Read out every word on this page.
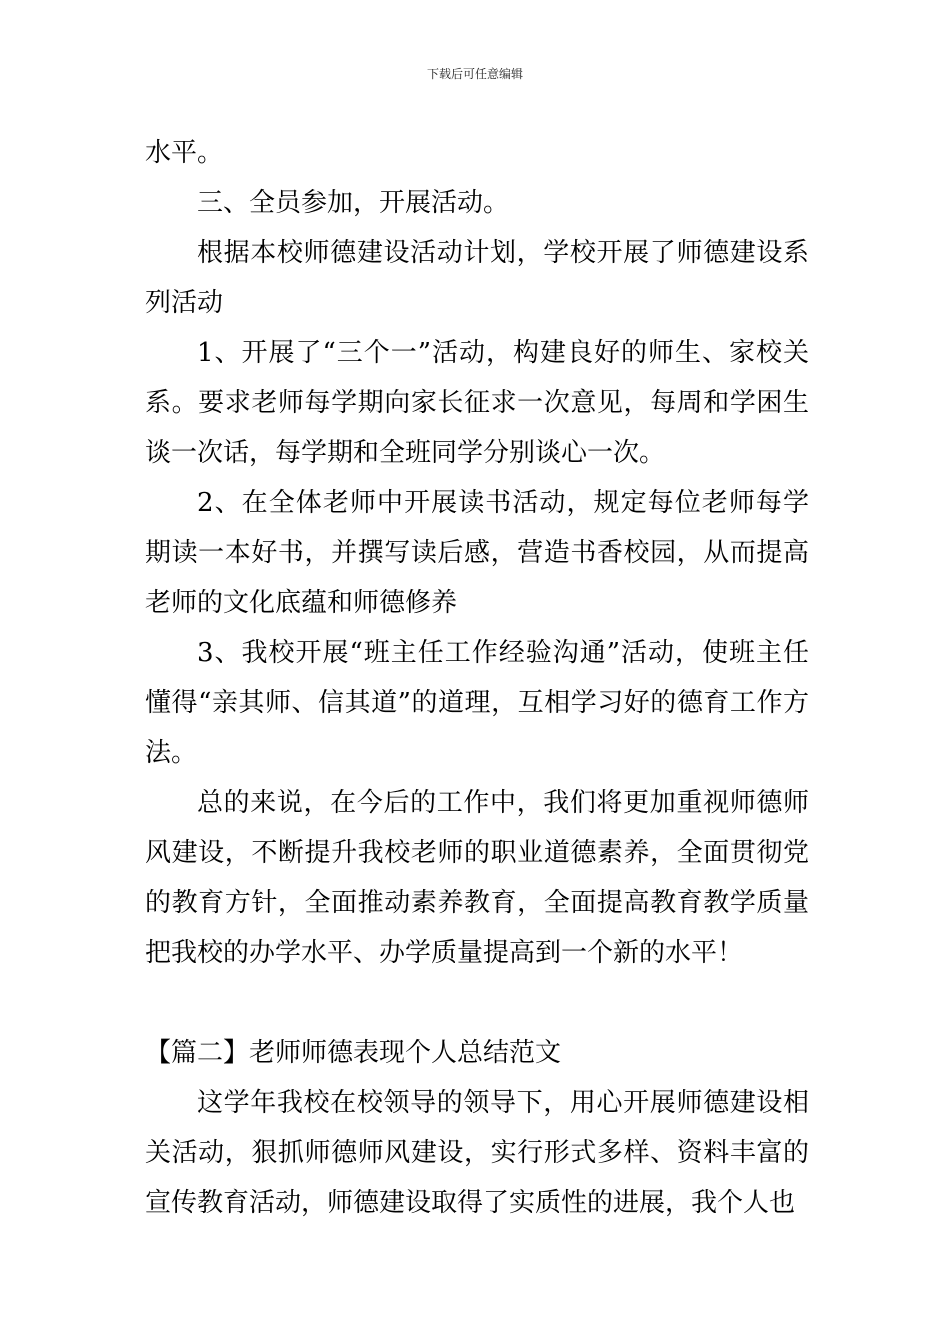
下载后可任意编辑

水平。

三、全员参加，开展活动。

根据本校师德建设活动计划，学校开展了师德建设系列活动

1、开展了“三个一”活动，构建良好的师生、家校关系。要求老师每学期向家长征求一次意见，每周和学困生谈一次话，每学期和全班同学分别谈心一次。

2、在全体老师中开展读书活动，规定每位老师每学期读一本好书，并撰写读后感，营造书香校园，从而提高老师的文化底蕴和师德修养

3、我校开展“班主任工作经验沟通”活动，使班主任懂得“亲其师、信其道”的道理，互相学习好的德育工作方法。

总的来说，在今后的工作中，我们将更加重视师德师风建设，不断提升我校老师的职业道德素养，全面贯彻党的教育方针，全面推动素养教育，全面提高教育教学质量把我校的办学水平、办学质量提高到一个新的水平！

【篇二】老师师德表现个人总结范文

这学年我校在校领导的领导下，用心开展师德建设相关活动，狠抓师德师风建设，实行形式多样、资料丰富的宣传教育活动，师德建设取得了实质性的进展，我个人也
